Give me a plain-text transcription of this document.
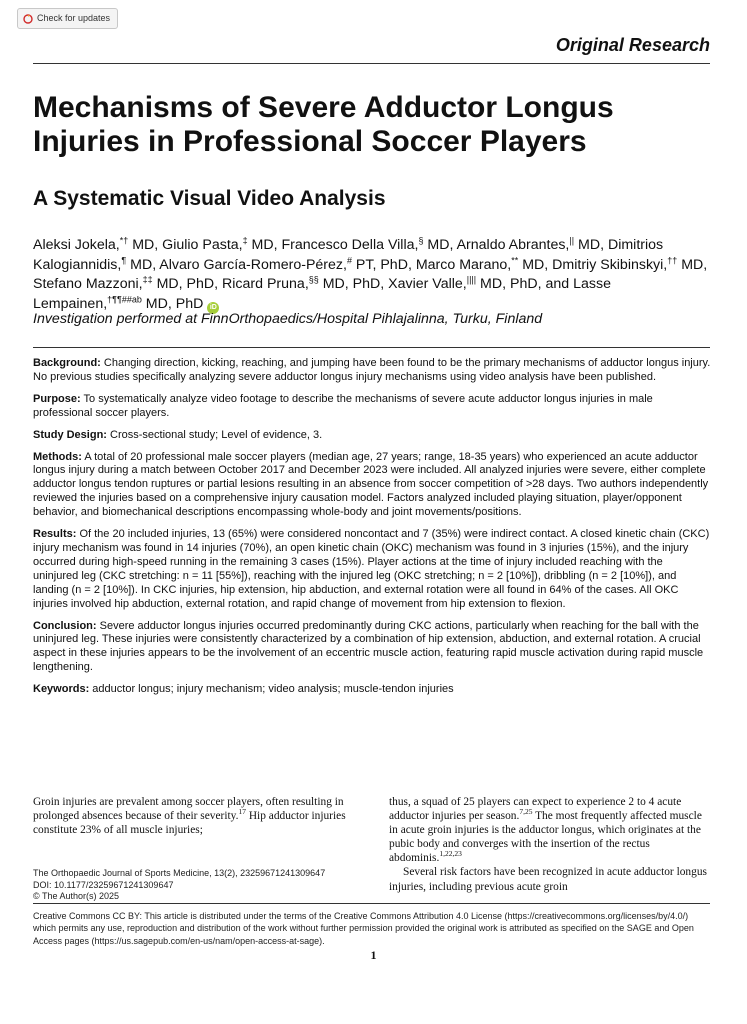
Check for updates
Original Research
Mechanisms of Severe Adductor Longus Injuries in Professional Soccer Players
A Systematic Visual Video Analysis
Aleksi Jokela,*† MD, Giulio Pasta,‡ MD, Francesco Della Villa,§ MD, Arnaldo Abrantes,|| MD, Dimitrios Kalogiannidis,¶ MD, Alvaro García-Romero-Pérez,# PT, PhD, Marco Marano,** MD, Dmitriy Skibinskyi,†† MD, Stefano Mazzoni,‡‡ MD, PhD, Ricard Pruna,§§ MD, PhD, Xavier Valle,|||| MD, PhD, and Lasse Lempainen,$^{\dagger\P\P\#\#ab}$ MD, PhD iD
Investigation performed at FinnOrthopaedics/Hospital Pihlajalinna, Turku, Finland

Background: Changing direction, kicking, reaching, and jumping have been found to be the primary mechanisms of adductor longus injury. No previous studies specifically analyzing severe adductor longus injury mechanisms using video analysis have been published.

Purpose: To systematically analyze video footage to describe the mechanisms of severe acute adductor longus injuries in male professional soccer players.

Study Design: Cross-sectional study; Level of evidence, 3.

Methods: A total of 20 professional male soccer players (median age, 27 years; range, 18-35 years) who experienced an acute adductor longus injury during a match between October 2017 and December 2023 were included. All analyzed injuries were severe, either complete adductor longus tendon ruptures or partial lesions resulting in an absence from soccer competition of >28 days. Two authors independently reviewed the injuries based on a comprehensive injury causation model. Factors analyzed included playing situation, player/opponent behavior, and biomechanical descriptions encompassing whole-body and joint movements/positions.

Results: Of the 20 included injuries, 13 (65%) were considered noncontact and 7 (35%) were indirect contact. A closed kinetic chain (CKC) injury mechanism was found in 14 injuries (70%), an open kinetic chain (OKC) mechanism was found in 3 injuries (15%), and the injury occurred during high-speed running in the remaining 3 cases (15%). Player actions at the time of injury included reaching with the uninjured leg (CKC stretching: n = 11 [55%]), reaching with the injured leg (OKC stretching; n = 2 [10%]), dribbling (n = 2 [10%]), and landing (n = 2 [10%]). In CKC injuries, hip extension, hip abduction, and external rotation were all found in 64% of the cases. All OKC injuries involved hip abduction, external rotation, and rapid change of movement from hip extension to flexion.

Conclusion: Severe adductor longus injuries occurred predominantly during CKC actions, particularly when reaching for the ball with the uninjured leg. These injuries were consistently characterized by a combination of hip extension, abduction, and external rotation. A crucial aspect in these injuries appears to be the involvement of an eccentric muscle action, featuring rapid muscle activation during rapid muscle lengthening.

Keywords: adductor longus; injury mechanism; video analysis; muscle-tendon injuries

Groin injuries are prevalent among soccer players, often resulting in prolonged absences because of their severity.$^{17}$ Hip adductor injuries constitute 23% of all muscle injuries;

thus, a squad of 25 players can expect to experience 2 to 4 acute adductor injuries per season.$^{7,25}$ The most frequently affected muscle in acute groin injuries is the adductor longus, which originates at the pubic body and converges with the insertion of the rectus abdominis.$^{1,22,23}$

Several risk factors have been recognized in acute adductor longus injuries, including previous acute groin

The Orthopaedic Journal of Sports Medicine, 13(2), 23259671241309647
DOI: 10.1177/23259671241309647
© The Author(s) 2025
Creative Commons CC BY: This article is distributed under the terms of the Creative Commons Attribution 4.0 License (https://creativecommons.org/licenses/by/4.0/) which permits any use, reproduction and distribution of the work without further permission provided the original work is attributed as specified on the SAGE and Open Access pages (https://us.sagepub.com/en-us/nam/open-access-at-sage).
1
